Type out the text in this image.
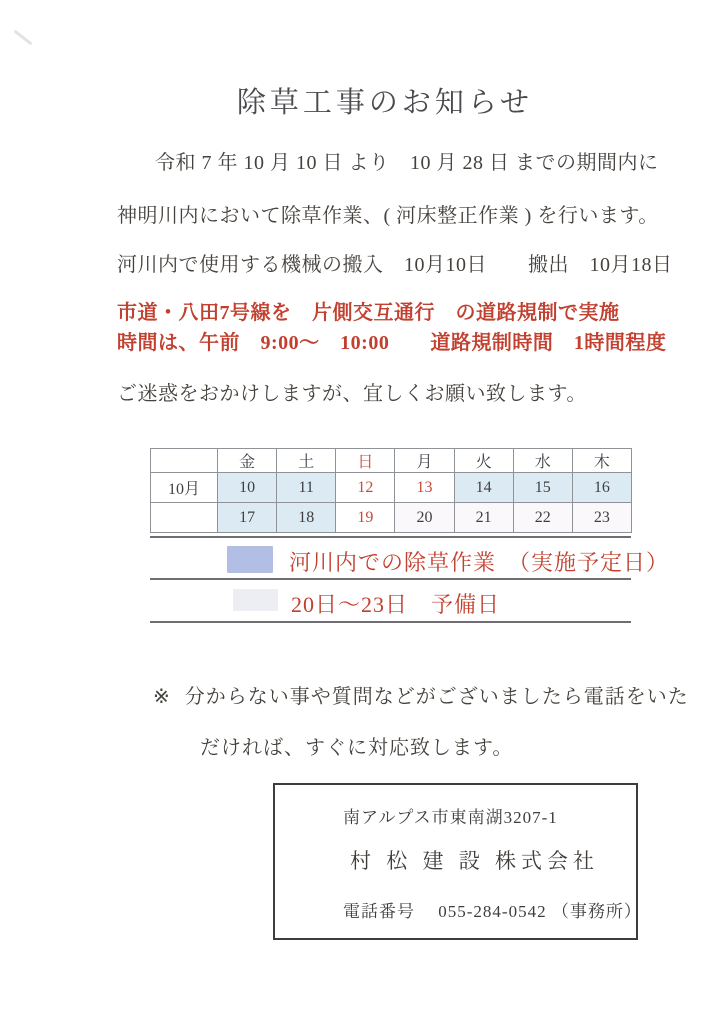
除草工事のお知らせ
令和 7 年 10 月 10 日 より　10 月 28 日 までの期間内に
神明川内において除草作業、( 河床整正作業 ) を行います。
河川内で使用する機械の搬入　10月10日　　搬出　10月18日
市道・八田7号線を　片側交互通行　の道路規制で実施
時間は、午前　9:00～　10:00　　道路規制時間　1時間程度
ご迷惑をおかけしますが、宜しくお願い致します。
	金	土	日	月	火	水	木
10月	10	11	12	13	14	15	16
	17	18	19	20	21	22	23
河川内での除草作業　（実施予定日）
20日～23日　予備日
※ 分からない事や質問などがございましたら電話をいた
だければ、すぐに対応致します。
南アルプス市東南湖3207-1
村 松 建 設 株式会社
電話番号　 055-284-0542 （事務所）
